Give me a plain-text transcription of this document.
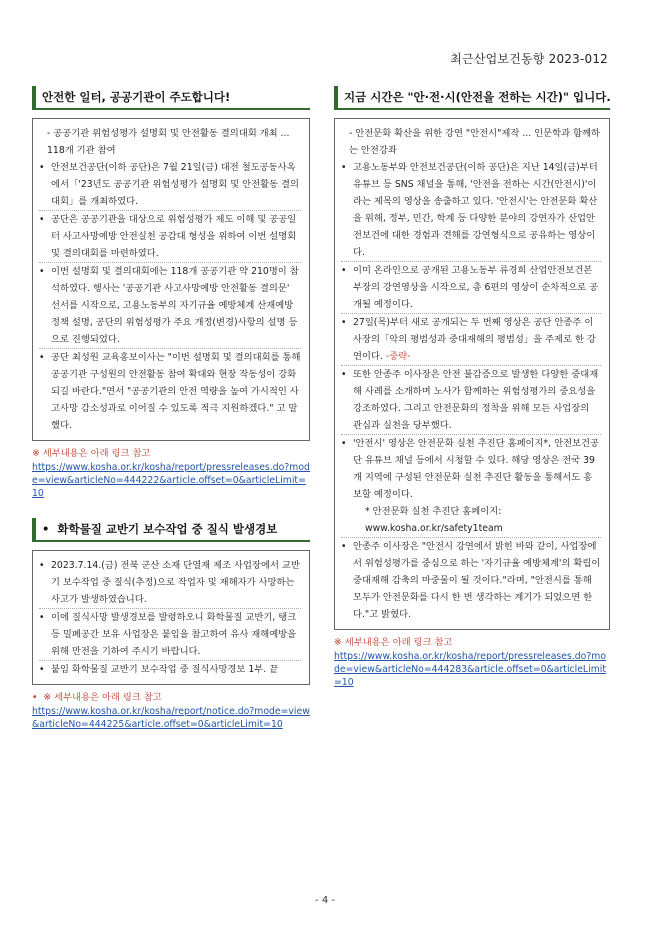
최근산업보건동향 2023-012
안전한 일터, 공공기관이 주도합니다!

- 공공기관 위험성평가 설명회 및 안전활동 결의대회 개최 ... 118개 기관 참여

• 안전보건공단(이하 공단)은 7월 21일(금) 대전 철도공동사옥에서「'23년도 공공기관 위험성평가 설명회 및 안전활동 결의대회」를 개최하였다.
• 공단은 공공기관을 대상으로 위험성평가 제도 이해 및 공공일터 사고사망예방 안전실천 공감대 형성을 위하여 이번 설명회 및 결의대회를 마련하였다.
• 이번 설명회 및 결의대회에는 118개 공공기관 약 210명이 참석하였다. 행사는 '공공기관 사고사망예방 안전활동 결의문' 선서를 시작으로, 고용노동부의 자기규율 예방체계 산재예방정책 설명, 공단의 위험성평가 주요 개정(변경)사항의 설명 등으로 진행되었다.
• 공단 최성원 교육홍보이사는 "이번 설명회 및 결의대회를 통해 공공기관 구성원의 안전활동 참여 확대와 현장 작동성이 강화되길 바란다."면서 "공공기관의 안전 역량을 높여 가시적인 사고사망 감소성과로 이어질 수 있도록 적극 지원하겠다." 고 말했다.
※ 세부내용은 아래 링크 참고
https://www.kosha.or.kr/kosha/report/pressreleases.do?mode=view&articleNo=444222&article.offset=0&articleLimit=10
• 화학물질 교반기 보수작업 중 질식 발생경보
• 2023.7.14.(금) 전북 군산 소재 단열재 제조 사업장에서 교반기 보수작업 중 질식(추정)으로 작업자 및 재해자가 사망하는 사고가 발생하였습니다.
• 이에 질식사망 발생경보를 발령하오니 화학물질 교반기, 탱크 등 밀폐공간 보유 사업장은 붙임을 참고하여 유사 재해예방을 위해 만전을 기하여 주시기 바랍니다.
• 붙임 화학물질 교반기 보수작업 중 질식사망경보 1부. 끝
• ※ 세부내용은 아래 링크 참고
https://www.kosha.or.kr/kosha/report/notice.do?mode=view&articleNo=444225&article.offset=0&articleLimit=10
지금 시간은 "안·전·시(안전을 전하는 시간)" 입니다.

- 안전문화 확산을 위한 강연 "안전시"제작 ... 인문학과 함께하는 안전강좌

• 고용노동부와 안전보건공단(이하 공단)은 지난 14일(금)부터 유튜브 등 SNS 채널을 통해, '안전을 전하는 시간(안전시)'이라는 제목의 영상을 송출하고 있다. '안전시'는 안전문화 확산을 위해, 정부, 민간, 학계 등 다양한 분야의 강연자가 산업안전보건에 대한 경험과 견해를 강연형식으로 공유하는 영상이다.
• 이미 온라인으로 공개된 고용노동부 류경희 산업안전보건본부장의 강연영상을 시작으로, 총 6편의 영상이 순차적으로 공개될 예정이다.
• 27일(목)부터 새로 공개되는 두 번째 영상은 공단 안종주 이사장의「악의 평범성과 중대재해의 평범성」을 주제로 한 강연이다. -중략-
• 또한 안종주 이사장은 안전 불감증으로 발생한 다양한 중대재해 사례를 소개하며 노사가 함께하는 위험성평가의 중요성을 강조하였다. 그리고 안전문화의 정착을 위해 모든 사업장의 관심과 실천을 당부했다.
• '안전시' 영상은 안전문화 실천 추진단 홈페이지*, 안전보건공단 유튜브 채널 등에서 시청할 수 있다. 해당 영상은 전국 39개 지역에 구성된 안전문화 실천 추진단 활동을 통해서도 홍보할 예정이다.
* 안전문화 실천 추진단 홈페이지:
www.kosha.or.kr/safety1team
• 안종주 이사장은 "안전시 강연에서 밝힌 바와 같이, 사업장에서 위험성평가를 중심으로 하는 '자기규율 예방체계'의 확립이 중대재해 감축의 마중물이 될 것이다."라며, "안전시를 통해 모두가 안전문화를 다시 한 번 생각하는 계기가 되었으면 한다."고 밝혔다.
※ 세부내용은 아래 링크 참고
https://www.kosha.or.kr/kosha/report/pressreleases.do?mode=view&articleNo=444283&article.offset=0&articleLimit=10
- 4 -
